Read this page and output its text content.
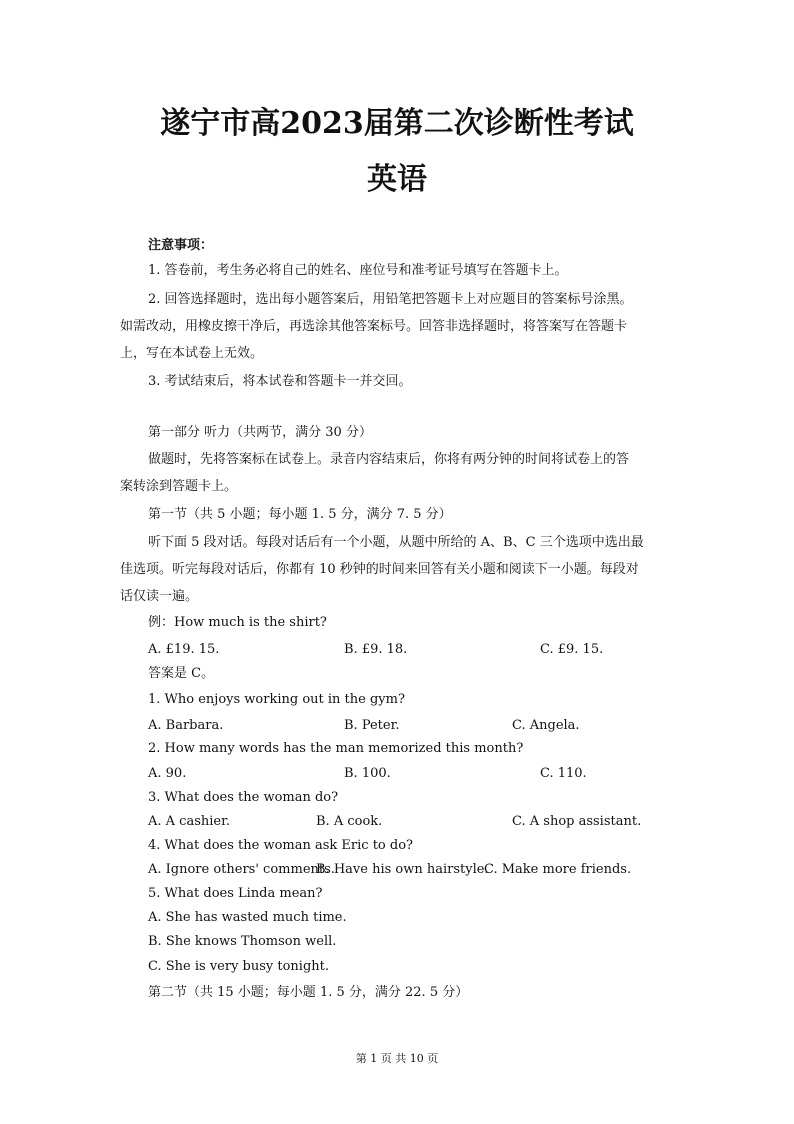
遂宁市高2023届第二次诊断性考试
英语
注意事项：
1. 答卷前，考生务必将自己的姓名、座位号和准考证号填写在答题卡上。
2. 回答选择题时，选出每小题答案后，用铅笔把答题卡上对应题目的答案标号涂黑。
如需改动，用橡皮擦干净后，再选涂其他答案标号。回答非选择题时，将答案写在答题卡
上，写在本试卷上无效。
3. 考试结束后，将本试卷和答题卡一并交回。
第一部分 听力（共两节，满分 30 分）
做题时，先将答案标在试卷上。录音内容结束后，你将有两分钟的时间将试卷上的答
案转涂到答题卡上。
第一节（共 5 小题；每小题 1. 5 分，满分 7. 5 分）
听下面 5 段对话。每段对话后有一个小题，从题中所给的 A、B、C 三个选项中选出最
佳选项。听完每段对话后，你都有 10 秒钟的时间来回答有关小题和阅读下一小题。每段对
话仅读一遍。
例：How much is the shirt?
A. £19. 15.	B. £9. 18.	C. £9. 15.
答案是 C。
1. Who enjoys working out in the gym?
A. Barbara.	B. Peter.	C. Angela.
2. How many words has the man memorized this month?
A. 90.	B. 100.	C. 110.
3. What does the woman do?
A. A cashier.	B. A cook.	C. A shop assistant.
4. What does the woman ask Eric to do?
A. Ignore others' comments.
B. Have his own hairstyle.
C. Make more friends.
5. What does Linda mean?
A. She has wasted much time.
B. She knows Thomson well.
C. She is very busy tonight.
第二节（共 15 小题；每小题 1. 5 分，满分 22. 5 分）
第 1 页 共 10 页
